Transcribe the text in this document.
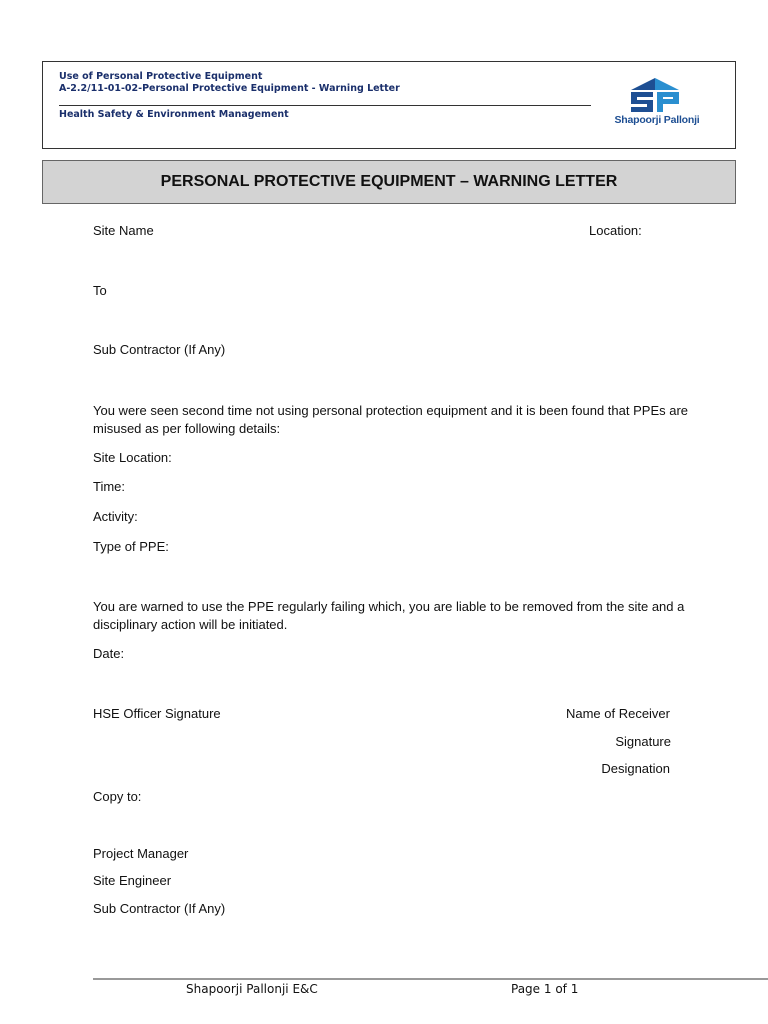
Use of Personal Protective Equipment
A-2.2/11-01-02-Personal Protective Equipment - Warning Letter
Health Safety & Environment Management	Shapoorji Pallonji
PERSONAL PROTECTIVE EQUIPMENT – WARNING LETTER
Site Name	Location:
To
Sub Contractor (If Any)
You were seen second time not using personal protection equipment and it is been found that PPEs are misused as per following details:
Site Location:
Time:
Activity:
Type of PPE:
You are warned to use the PPE regularly failing which, you are liable to be removed from the site and a disciplinary action will be initiated.
Date:
HSE Officer Signature	Name of Receiver
Signature
Designation
Copy to:
Project Manager
Site Engineer
Sub Contractor (If Any)
Shapoorji Pallonji E&C	Page 1 of 1
